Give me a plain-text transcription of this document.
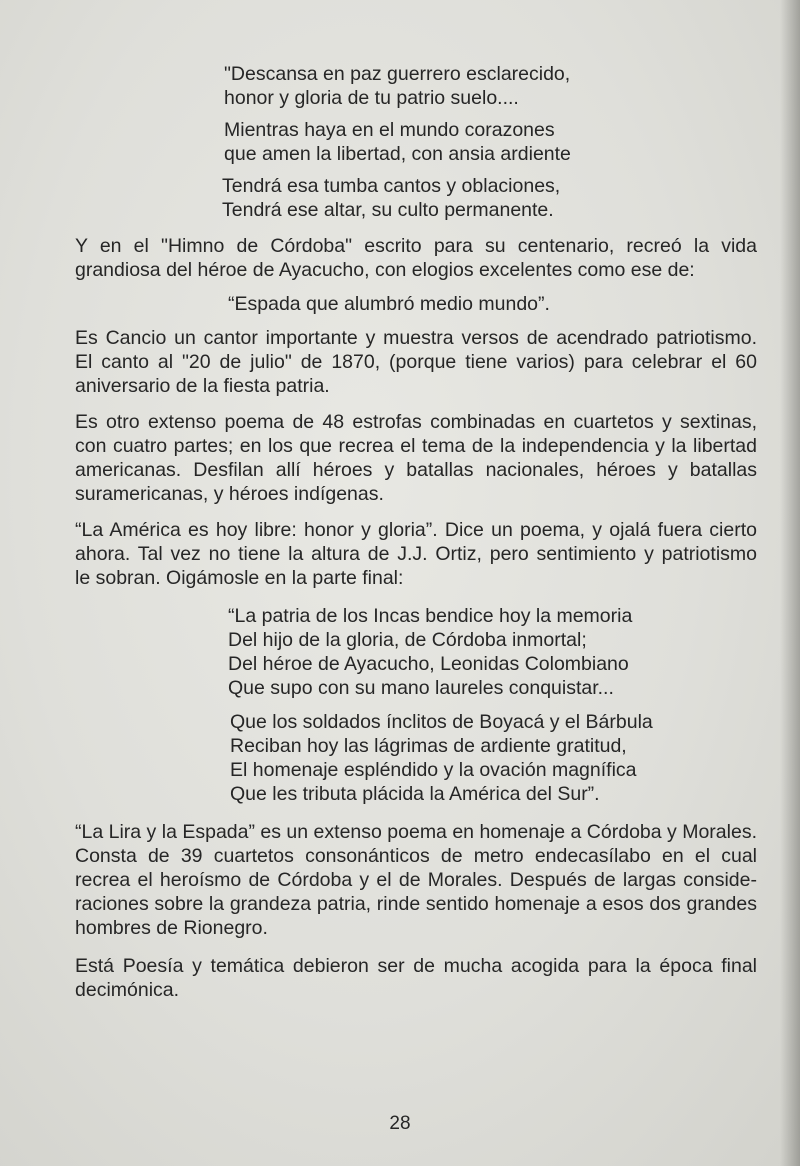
"Descansa en paz guerrero esclarecido,
honor y gloria de tu patrio suelo....
Mientras haya en el mundo corazones
que amen la libertad, con ansia ardiente
Tendrá esa tumba cantos y oblaciones,
Tendrá ese altar, su culto permanente.
Y en el "Himno de Córdoba" escrito para su centenario, recreó la vida
grandiosa del héroe de Ayacucho, con elogios excelentes como ese de:
“Espada que alumbró medio mundo”.
Es Cancio un cantor importante y muestra versos de acendrado patriotismo.
El canto al "20 de julio" de 1870, (porque tiene varios) para celebrar el 60
aniversario de la fiesta patria.
Es otro extenso poema de 48 estrofas combinadas en cuartetos y sextinas,
con cuatro partes; en los que recrea el tema de la independencia y la libertad
americanas. Desfilan allí héroes y batallas nacionales, héroes y batallas
suramericanas, y héroes indígenas.
“La América es hoy libre: honor y gloria”. Dice un poema, y ojalá fuera cierto
ahora. Tal vez no tiene la altura de J.J. Ortiz, pero sentimiento y patriotismo
le sobran. Oigámosle en la parte final:
“La patria de los Incas bendice hoy la memoria
Del hijo de la gloria, de Córdoba inmortal;
Del héroe de Ayacucho, Leonidas Colombiano
Que supo con su mano laureles conquistar...
Que los soldados ínclitos de Boyacá y el Bárbula
Reciban hoy las lágrimas de ardiente gratitud,
El homenaje espléndido y la ovación magnífica
Que les tributa plácida la América del Sur”.
“La Lira y la Espada” es un extenso poema en homenaje a Córdoba y Morales.
Consta de 39 cuartetos consonánticos de metro endecasílabo en el cual
recrea el heroísmo de Córdoba y el de Morales. Después de largas conside-
raciones sobre la grandeza patria, rinde sentido homenaje a esos dos grandes
hombres de Rionegro.
Está Poesía y temática debieron ser de mucha acogida para la época final
decimónica.
28
